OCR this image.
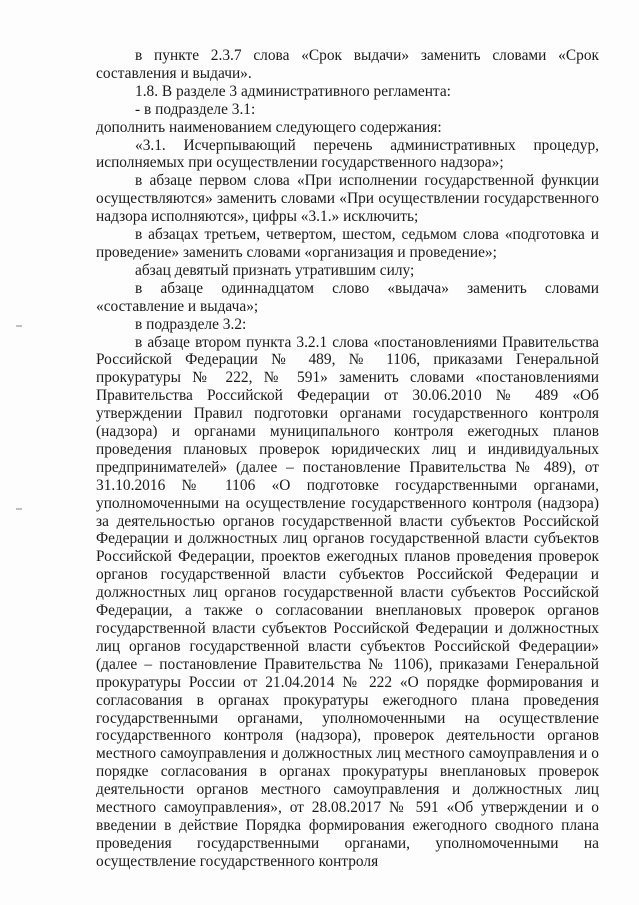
в пункте 2.3.7 слова «Срок выдачи» заменить словами «Срок составления и выдачи».

1.8. В разделе 3 административного регламента:

- в подразделе 3.1:

дополнить наименованием следующего содержания:

«3.1. Исчерпывающий перечень административных процедур, исполняемых при осуществлении государственного надзора»;

в абзаце первом слова «При исполнении государственной функции осуществляются» заменить словами «При осуществлении государственного надзора исполняются», цифры «3.1.» исключить;

в абзацах третьем, четвертом, шестом, седьмом слова «подготовка и проведение» заменить словами «организация и проведение»;

абзац девятый признать утратившим силу;

в абзаце одиннадцатом слово «выдача» заменить словами «составление и выдача»;

в подразделе 3.2:

в абзаце втором пункта 3.2.1 слова «постановлениями Правительства Российской Федерации № 489, № 1106, приказами Генеральной прокуратуры № 222, № 591» заменить словами «постановлениями Правительства Российской Федерации от 30.06.2010 № 489 «Об утверждении Правил подготовки органами государственного контроля (надзора) и органами муниципального контроля ежегодных планов проведения плановых проверок юридических лиц и индивидуальных предпринимателей» (далее – постановление Правительства № 489), от 31.10.2016 № 1106 «О подготовке государственными органами, уполномоченными на осуществление государственного контроля (надзора) за деятельностью органов государственной власти субъектов Российской Федерации и должностных лиц органов государственной власти субъектов Российской Федерации, проектов ежегодных планов проведения проверок органов государственной власти субъектов Российской Федерации и должностных лиц органов государственной власти субъектов Российской Федерации, а также о согласовании внеплановых проверок органов государственной власти субъектов Российской Федерации и должностных лиц органов государственной власти субъектов Российской Федерации» (далее – постановление Правительства № 1106), приказами Генеральной прокуратуры России от 21.04.2014 № 222 «О порядке формирования и согласования в органах прокуратуры ежегодного плана проведения государственными органами, уполномоченными на осуществление государственного контроля (надзора), проверок деятельности органов местного самоуправления и должностных лиц местного самоуправления и о порядке согласования в органах прокуратуры внеплановых проверок деятельности органов местного самоуправления и должностных лиц местного самоуправления», от 28.08.2017 № 591 «Об утверждении и о введении в действие Порядка формирования ежегодного сводного плана проведения государственными органами, уполномоченными на осуществление государственного контроля
